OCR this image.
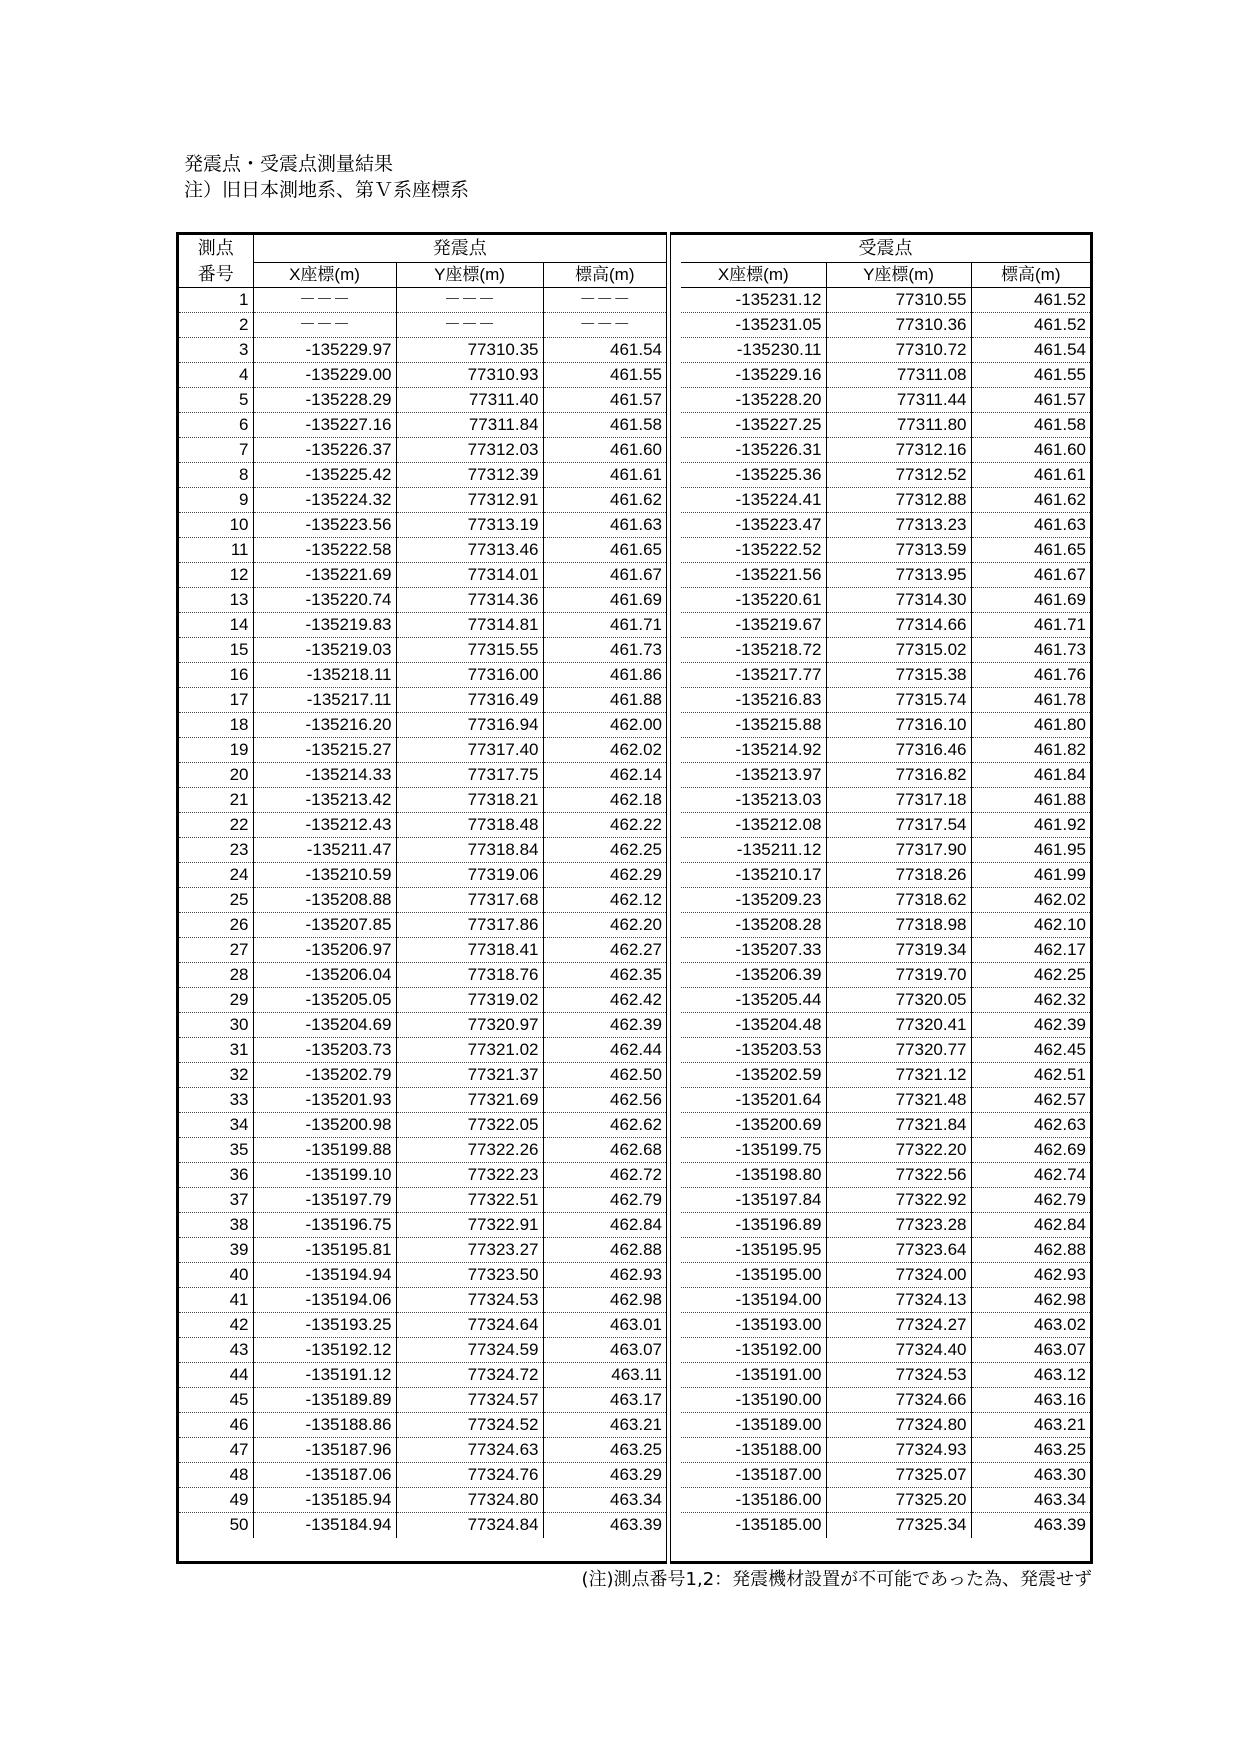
発震点・受震点測量結果
注）旧日本測地系、第Ｖ系座標系
測点
番号	発震点				受震点		
	X座標(m)	Y座標(m)	標高(m)		X座標(m)	Y座標(m)	標高(m)
1	－－－	－－－	－－－		-135231.12	77310.55	461.52
2	－－－	－－－	－－－		-135231.05	77310.36	461.52
3	-135229.97	77310.35	461.54		-135230.11	77310.72	461.54
4	-135229.00	77310.93	461.55		-135229.16	77311.08	461.55
5	-135228.29	77311.40	461.57		-135228.20	77311.44	461.57
6	-135227.16	77311.84	461.58		-135227.25	77311.80	461.58
7	-135226.37	77312.03	461.60		-135226.31	77312.16	461.60
8	-135225.42	77312.39	461.61		-135225.36	77312.52	461.61
9	-135224.32	77312.91	461.62		-135224.41	77312.88	461.62
10	-135223.56	77313.19	461.63		-135223.47	77313.23	461.63
11	-135222.58	77313.46	461.65		-135222.52	77313.59	461.65
12	-135221.69	77314.01	461.67		-135221.56	77313.95	461.67
13	-135220.74	77314.36	461.69		-135220.61	77314.30	461.69
14	-135219.83	77314.81	461.71		-135219.67	77314.66	461.71
15	-135219.03	77315.55	461.73		-135218.72	77315.02	461.73
16	-135218.11	77316.00	461.86		-135217.77	77315.38	461.76
17	-135217.11	77316.49	461.88		-135216.83	77315.74	461.78
18	-135216.20	77316.94	462.00		-135215.88	77316.10	461.80
19	-135215.27	77317.40	462.02		-135214.92	77316.46	461.82
20	-135214.33	77317.75	462.14		-135213.97	77316.82	461.84
21	-135213.42	77318.21	462.18		-135213.03	77317.18	461.88
22	-135212.43	77318.48	462.22		-135212.08	77317.54	461.92
23	-135211.47	77318.84	462.25		-135211.12	77317.90	461.95
24	-135210.59	77319.06	462.29		-135210.17	77318.26	461.99
25	-135208.88	77317.68	462.12		-135209.23	77318.62	462.02
26	-135207.85	77317.86	462.20		-135208.28	77318.98	462.10
27	-135206.97	77318.41	462.27		-135207.33	77319.34	462.17
28	-135206.04	77318.76	462.35		-135206.39	77319.70	462.25
29	-135205.05	77319.02	462.42		-135205.44	77320.05	462.32
30	-135204.69	77320.97	462.39		-135204.48	77320.41	462.39
31	-135203.73	77321.02	462.44		-135203.53	77320.77	462.45
32	-135202.79	77321.37	462.50		-135202.59	77321.12	462.51
33	-135201.93	77321.69	462.56		-135201.64	77321.48	462.57
34	-135200.98	77322.05	462.62		-135200.69	77321.84	462.63
35	-135199.88	77322.26	462.68		-135199.75	77322.20	462.69
36	-135199.10	77322.23	462.72		-135198.80	77322.56	462.74
37	-135197.79	77322.51	462.79		-135197.84	77322.92	462.79
38	-135196.75	77322.91	462.84		-135196.89	77323.28	462.84
39	-135195.81	77323.27	462.88		-135195.95	77323.64	462.88
40	-135194.94	77323.50	462.93		-135195.00	77324.00	462.93
41	-135194.06	77324.53	462.98		-135194.00	77324.13	462.98
42	-135193.25	77324.64	463.01		-135193.00	77324.27	463.02
43	-135192.12	77324.59	463.07		-135192.00	77324.40	463.07
44	-135191.12	77324.72	463.11		-135191.00	77324.53	463.12
45	-135189.89	77324.57	463.17		-135190.00	77324.66	463.16
46	-135188.86	77324.52	463.21		-135189.00	77324.80	463.21
47	-135187.96	77324.63	463.25		-135188.00	77324.93	463.25
48	-135187.06	77324.76	463.29		-135187.00	77325.07	463.30
49	-135185.94	77324.80	463.34		-135186.00	77325.20	463.34
50	-135184.94	77324.84	463.39		-135185.00	77325.34	463.39
(注)測点番号1,2：発震機材設置が不可能であった為、発震せず
